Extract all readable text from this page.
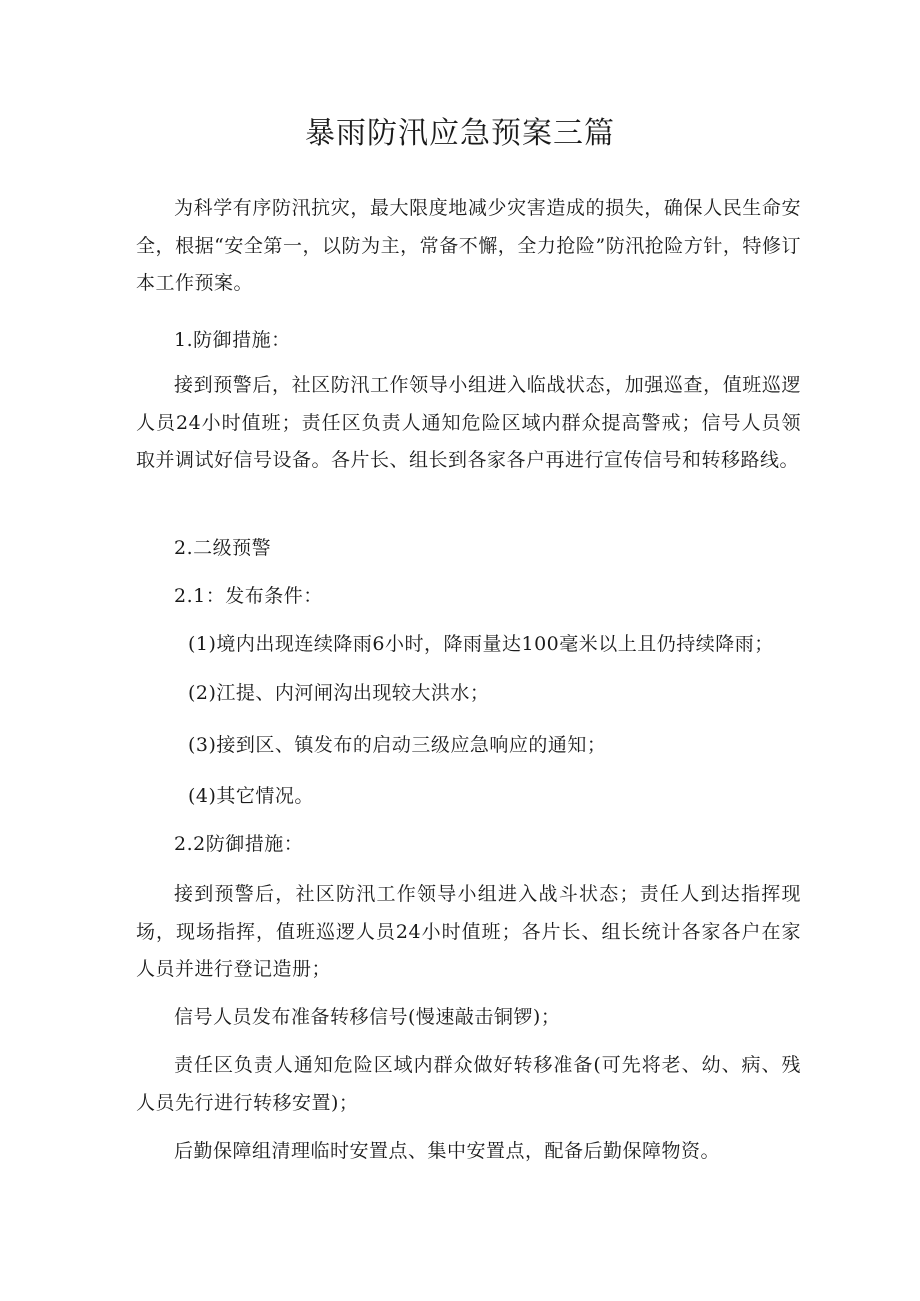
暴雨防汛应急预案三篇

为科学有序防汛抗灾，最大限度地减少灾害造成的损失，确保人民生命安全，根据“安全第一，以防为主，常备不懈，全力抢险”防汛抢险方针，特修订本工作预案。

1.防御措施：

接到预警后，社区防汛工作领导小组进入临战状态，加强巡查，值班巡逻人员24小时值班；责任区负责人通知危险区域内群众提高警戒；信号人员领取并调试好信号设备。各片长、组长到各家各户再进行宣传信号和转移路线。

2.二级预警

2.1：发布条件：

(1)境内出现连续降雨6小时，降雨量达100毫米以上且仍持续降雨；

(2)江提、内河闸沟出现较大洪水；

(3)接到区、镇发布的启动三级应急响应的通知；

(4)其它情况。

2.2防御措施：

接到预警后，社区防汛工作领导小组进入战斗状态；责任人到达指挥现场，现场指挥，值班巡逻人员24小时值班；各片长、组长统计各家各户在家人员并进行登记造册；

信号人员发布准备转移信号(慢速敲击铜锣)；

责任区负责人通知危险区域内群众做好转移准备(可先将老、幼、病、残人员先行进行转移安置)；

后勤保障组清理临时安置点、集中安置点，配备后勤保障物资。
